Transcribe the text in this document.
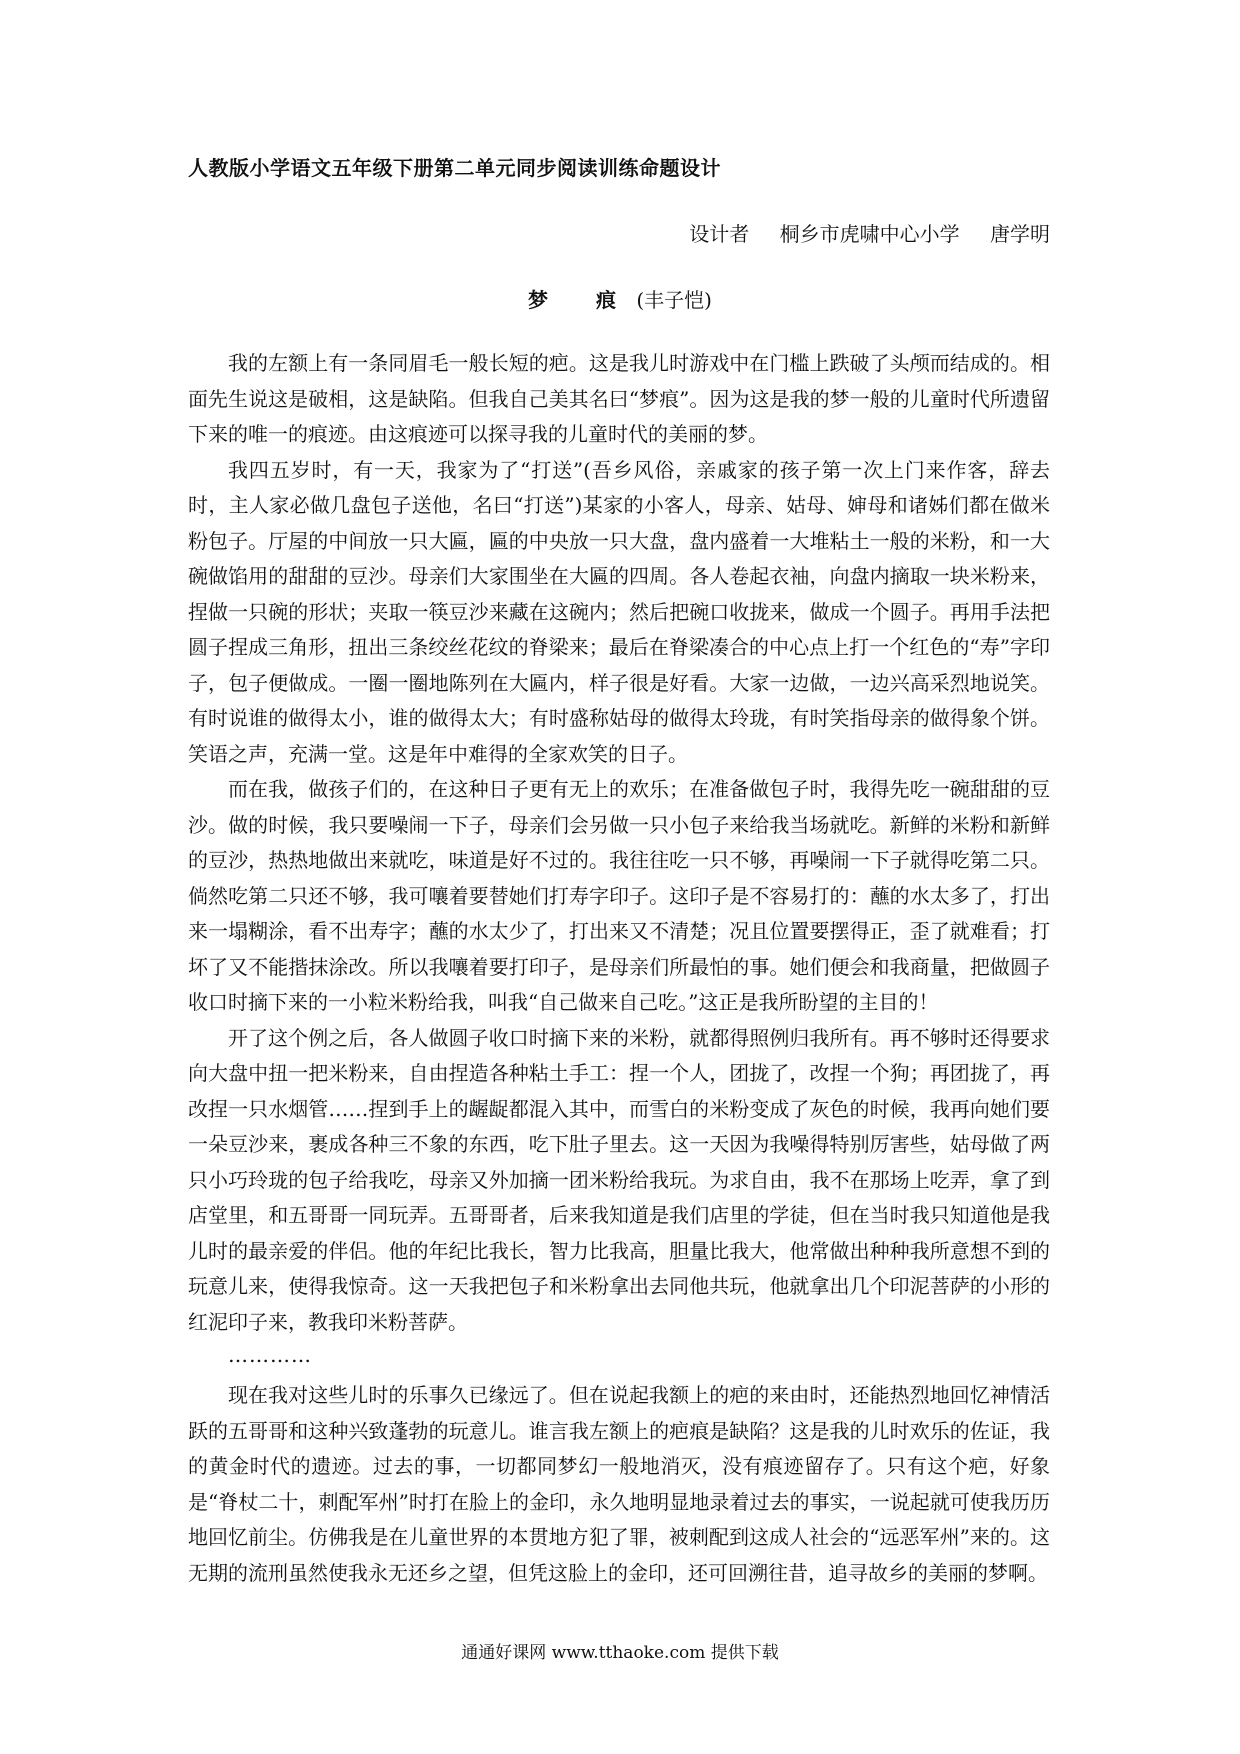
人教版小学语文五年级下册第二单元同步阅读训练命题设计
设计者 桐乡市虎啸中心小学 唐学明
梦　痕 (丰子恺)

我的左额上有一条同眉毛一般长短的疤。这是我儿时游戏中在门槛上跌破了头颅而结成的。相面先生说这是破相，这是缺陷。但我自己美其名曰“梦痕”。因为这是我的梦一般的儿童时代所遗留下来的唯一的痕迹。由这痕迹可以探寻我的儿童时代的美丽的梦。

我四五岁时，有一天，我家为了“打送”(吾乡风俗，亲戚家的孩子第一次上门来作客，辞去时，主人家必做几盘包子送他，名曰“打送”)某家的小客人，母亲、姑母、婶母和诸姊们都在做米粉包子。厅屋的中间放一只大匾，匾的中央放一只大盘，盘内盛着一大堆粘土一般的米粉，和一大碗做馅用的甜甜的豆沙。母亲们大家围坐在大匾的四周。各人卷起衣袖，向盘内摘取一块米粉来，捏做一只碗的形状；夹取一筷豆沙来藏在这碗内；然后把碗口收拢来，做成一个圆子。再用手法把圆子捏成三角形，扭出三条绞丝花纹的脊梁来；最后在脊梁凑合的中心点上打一个红色的“寿”字印子，包子便做成。一圈一圈地陈列在大匾内，样子很是好看。大家一边做，一边兴高采烈地说笑。有时说谁的做得太小，谁的做得太大；有时盛称姑母的做得太玲珑，有时笑指母亲的做得象个饼。笑语之声，充满一堂。这是年中难得的全家欢笑的日子。

而在我，做孩子们的，在这种日子更有无上的欢乐；在准备做包子时，我得先吃一碗甜甜的豆沙。做的时候，我只要噪闹一下子，母亲们会另做一只小包子来给我当场就吃。新鲜的米粉和新鲜的豆沙，热热地做出来就吃，味道是好不过的。我往往吃一只不够，再噪闹一下子就得吃第二只。倘然吃第二只还不够，我可嚷着要替她们打寿字印子。这印子是不容易打的：蘸的水太多了，打出来一塌糊涂，看不出寿字；蘸的水太少了，打出来又不清楚；况且位置要摆得正，歪了就难看；打坏了又不能揩抹涂改。所以我嚷着要打印子，是母亲们所最怕的事。她们便会和我商量，把做圆子收口时摘下来的一小粒米粉给我，叫我“自己做来自己吃。”这正是我所盼望的主目的！

开了这个例之后，各人做圆子收口时摘下来的米粉，就都得照例归我所有。再不够时还得要求向大盘中扭一把米粉来，自由捏造各种粘土手工：捏一个人，团拢了，改捏一个狗；再团拢了，再改捏一只水烟管……捏到手上的龌龊都混入其中，而雪白的米粉变成了灰色的时候，我再向她们要一朵豆沙来，裹成各种三不象的东西，吃下肚子里去。这一天因为我噪得特别厉害些，姑母做了两只小巧玲珑的包子给我吃，母亲又外加摘一团米粉给我玩。为求自由，我不在那场上吃弄，拿了到店堂里，和五哥哥一同玩弄。五哥哥者，后来我知道是我们店里的学徒，但在当时我只知道他是我儿时的最亲爱的伴侣。他的年纪比我长，智力比我高，胆量比我大，他常做出种种我所意想不到的玩意儿来，使得我惊奇。这一天我把包子和米粉拿出去同他共玩，他就拿出几个印泥菩萨的小形的红泥印子来，教我印米粉菩萨。

…………

现在我对这些儿时的乐事久已缘远了。但在说起我额上的疤的来由时，还能热烈地回忆神情活跃的五哥哥和这种兴致蓬勃的玩意儿。谁言我左额上的疤痕是缺陷？这是我的儿时欢乐的佐证，我的黄金时代的遗迹。过去的事，一切都同梦幻一般地消灭，没有痕迹留存了。只有这个疤，好象是“脊杖二十，刺配军州”时打在脸上的金印，永久地明显地录着过去的事实，一说起就可使我历历地回忆前尘。仿佛我是在儿童世界的本贯地方犯了罪，被刺配到这成人社会的“远恶军州”来的。这无期的流刑虽然使我永无还乡之望，但凭这脸上的金印，还可回溯往昔，追寻故乡的美丽的梦啊。

通通好课网 www.tthaoke.com 提供下载
